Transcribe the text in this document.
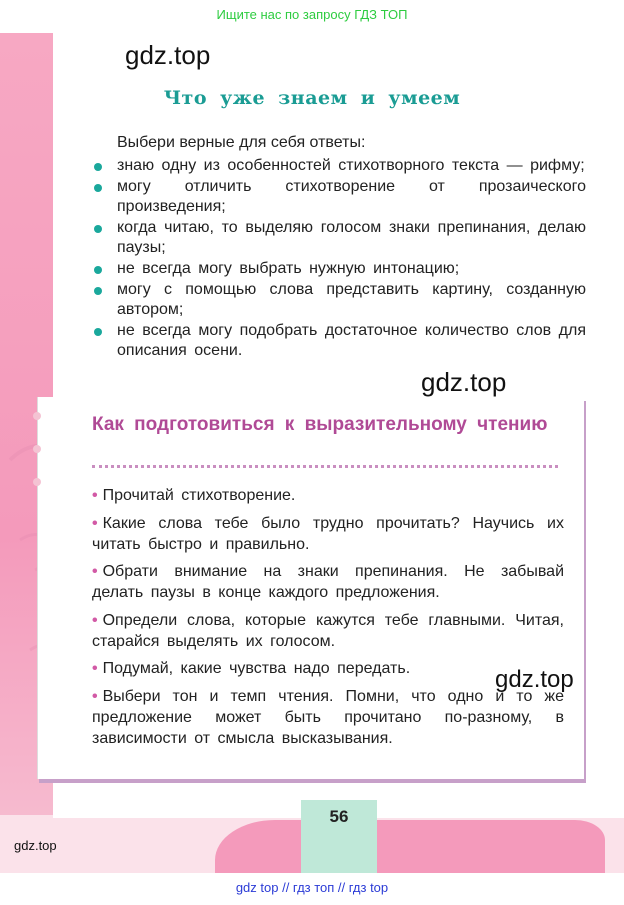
Ищите нас по запросу ГДЗ ТОП
gdz.top
Что уже знаем и умеем
Выбери верные для себя ответы:
знаю одну из особенностей стихотворного текста — рифму;
могу отличить стихотворение от прозаического произведения;
когда читаю, то выделяю голосом знаки препинания, делаю паузы;
не всегда могу выбрать нужную интонацию;
могу с помощью слова представить картину, созданную автором;
не всегда могу подобрать достаточное количество слов для описания осени.
gdz.top
Как подготовиться к выразительному чтению
• Прочитай стихотворение.
• Какие слова тебе было трудно прочитать? Научись их читать быстро и правильно.
• Обрати внимание на знаки препинания. Не забывай делать паузы в конце каждого предложения.
• Определи слова, которые кажутся тебе главными. Читая, старайся выделять их голосом.
• Подумай, какие чувства надо передать.
• Выбери тон и темп чтения. Помни, что одно и то же предложение может быть прочитано по-разному, в зависимости от смысла высказывания.
gdz.top
56
gdz.top
gdz top // гдз топ // гдз top
